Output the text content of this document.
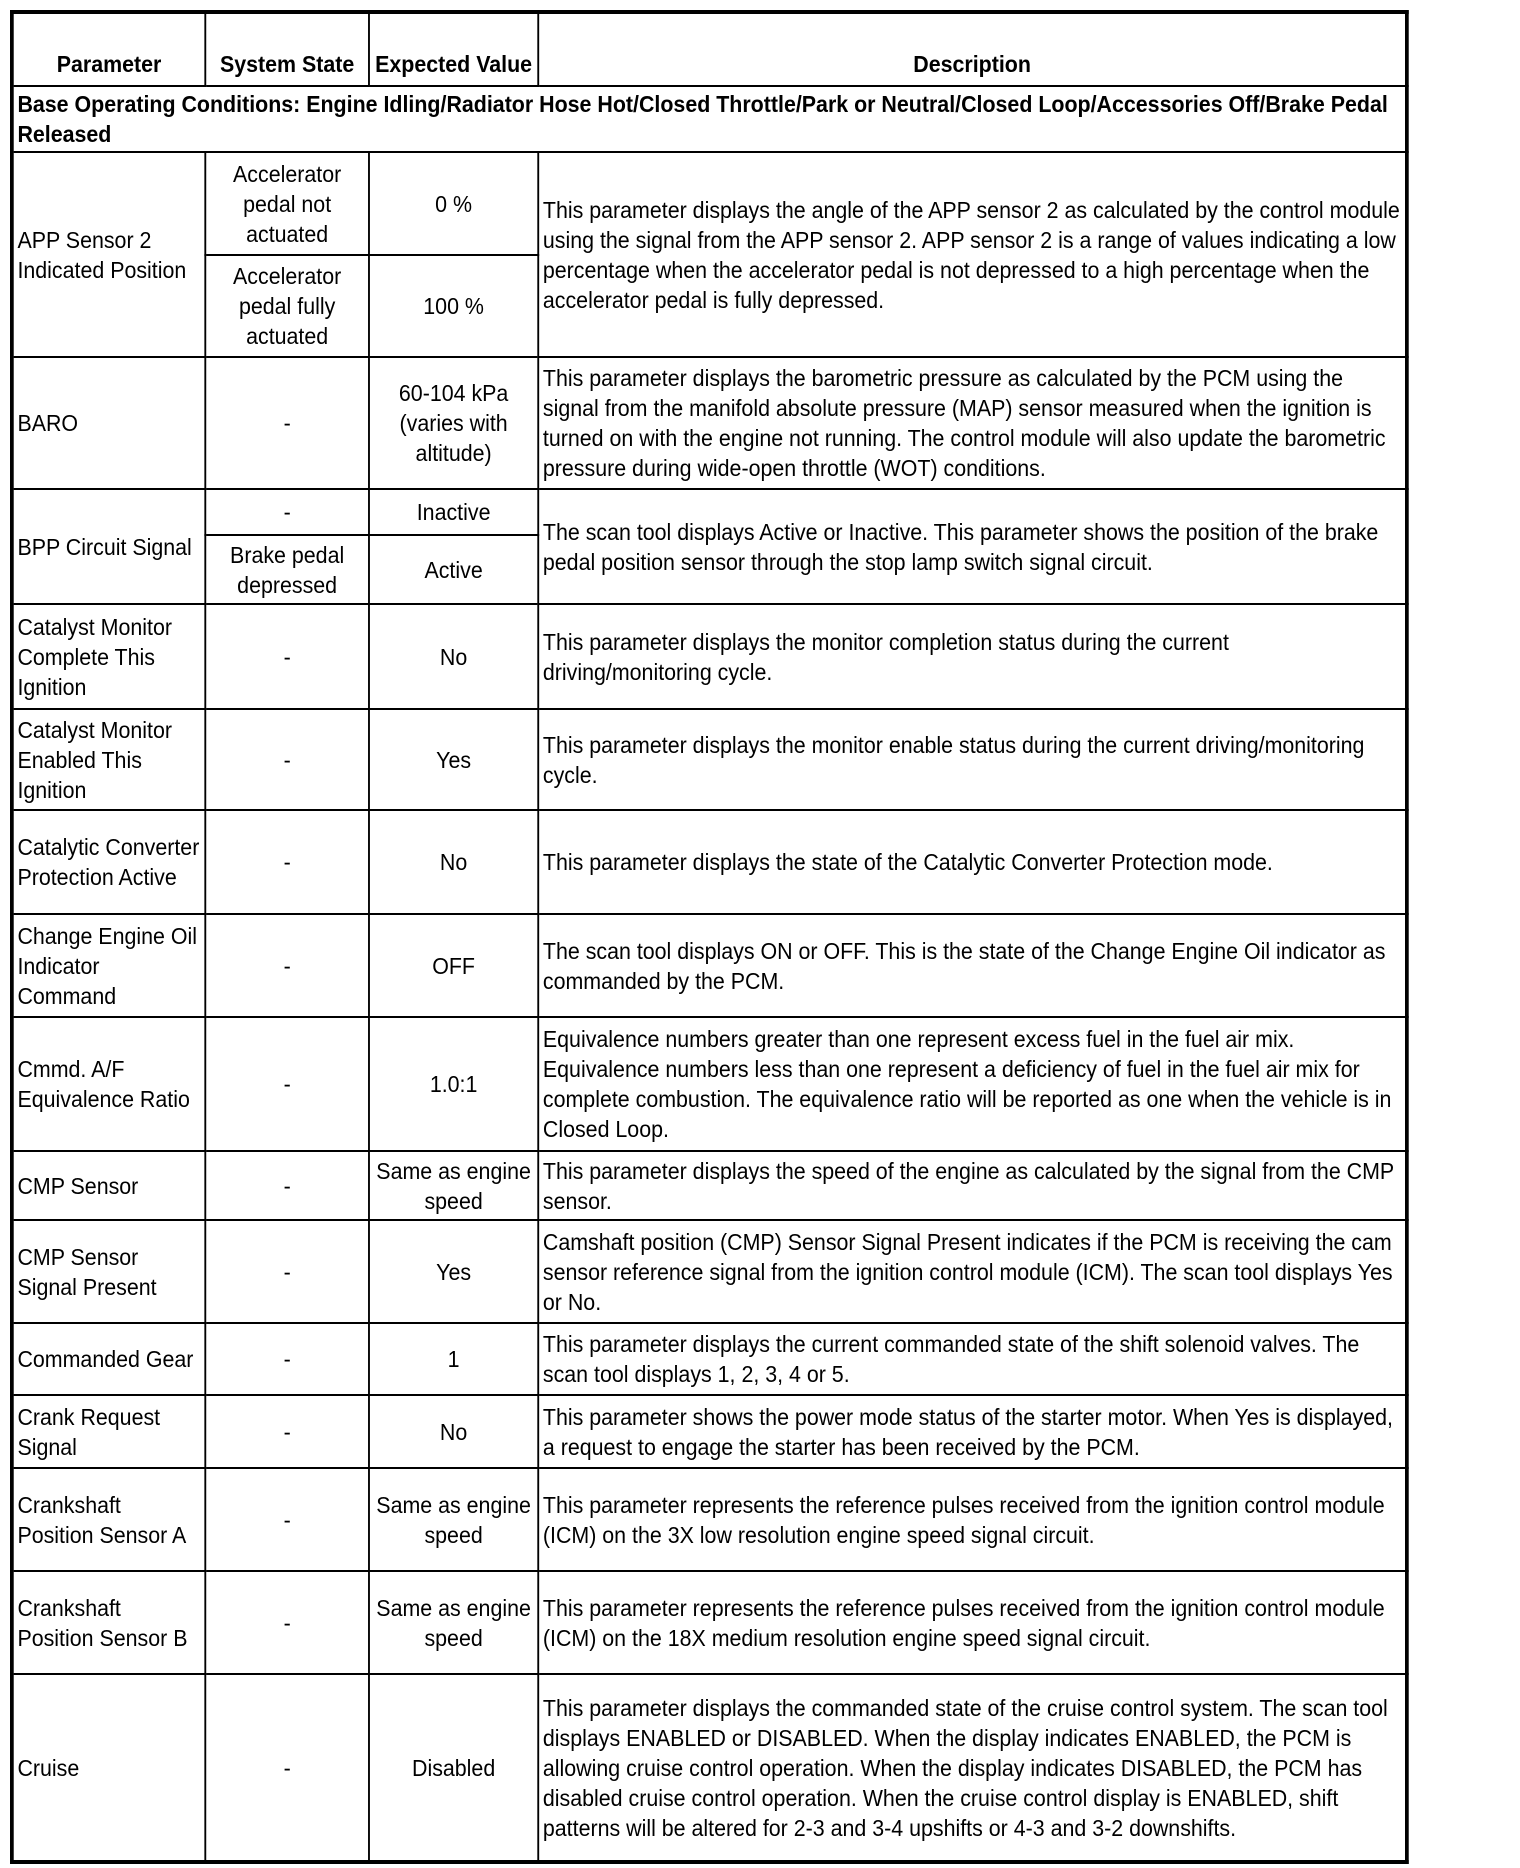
Parameter	System State	Expected Value	Description
Base Operating Conditions: Engine Idling/Radiator Hose Hot/Closed Throttle/Park or Neutral/Closed Loop/Accessories Off/Brake Pedal Released			
APP Sensor 2 Indicated Position	Accelerator pedal not actuated	0 %	This parameter displays the angle of the APP sensor 2 as calculated by the control module using the signal from the APP sensor 2. APP sensor 2 is a range of values indicating a low percentage when the accelerator pedal is not depressed to a high percentage when the accelerator pedal is fully depressed.
	Accelerator pedal fully actuated	100 %	
BARO	-	60-104 kPa (varies with altitude)	This parameter displays the barometric pressure as calculated by the PCM using the signal from the manifold absolute pressure (MAP) sensor measured when the ignition is turned on with the engine not running. The control module will also update the barometric pressure during wide-open throttle (WOT) conditions.
BPP Circuit Signal	-	Inactive	The scan tool displays Active or Inactive. This parameter shows the position of the brake pedal position sensor through the stop lamp switch signal circuit.
	Brake pedal depressed	Active	
Catalyst Monitor Complete This Ignition	-	No	This parameter displays the monitor completion status during the current driving/monitoring cycle.
Catalyst Monitor Enabled This Ignition	-	Yes	This parameter displays the monitor enable status during the current driving/monitoring cycle.
Catalytic Converter Protection Active	-	No	This parameter displays the state of the Catalytic Converter Protection mode.
Change Engine Oil Indicator Command	-	OFF	The scan tool displays ON or OFF. This is the state of the Change Engine Oil indicator as commanded by the PCM.
Cmmd. A/F Equivalence Ratio	-	1.0:1	Equivalence numbers greater than one represent excess fuel in the fuel air mix. Equivalence numbers less than one represent a deficiency of fuel in the fuel air mix for complete combustion. The equivalence ratio will be reported as one when the vehicle is in Closed Loop.
CMP Sensor	-	Same as engine speed	This parameter displays the speed of the engine as calculated by the signal from the CMP sensor.
CMP Sensor Signal Present	-	Yes	Camshaft position (CMP) Sensor Signal Present indicates if the PCM is receiving the cam sensor reference signal from the ignition control module (ICM). The scan tool displays Yes or No.
Commanded Gear	-	1	This parameter displays the current commanded state of the shift solenoid valves. The scan tool displays 1, 2, 3, 4 or 5.
Crank Request Signal	-	No	This parameter shows the power mode status of the starter motor. When Yes is displayed, a request to engage the starter has been received by the PCM.
Crankshaft Position Sensor A	-	Same as engine speed	This parameter represents the reference pulses received from the ignition control module (ICM) on the 3X low resolution engine speed signal circuit.
Crankshaft Position Sensor B	-	Same as engine speed	This parameter represents the reference pulses received from the ignition control module (ICM) on the 18X medium resolution engine speed signal circuit.
Cruise	-	Disabled	This parameter displays the commanded state of the cruise control system. The scan tool displays ENABLED or DISABLED. When the display indicates ENABLED, the PCM is allowing cruise control operation. When the display indicates DISABLED, the PCM has disabled cruise control operation. When the cruise control display is ENABLED, shift patterns will be altered for 2-3 and 3-4 upshifts or 4-3 and 3-2 downshifts.
